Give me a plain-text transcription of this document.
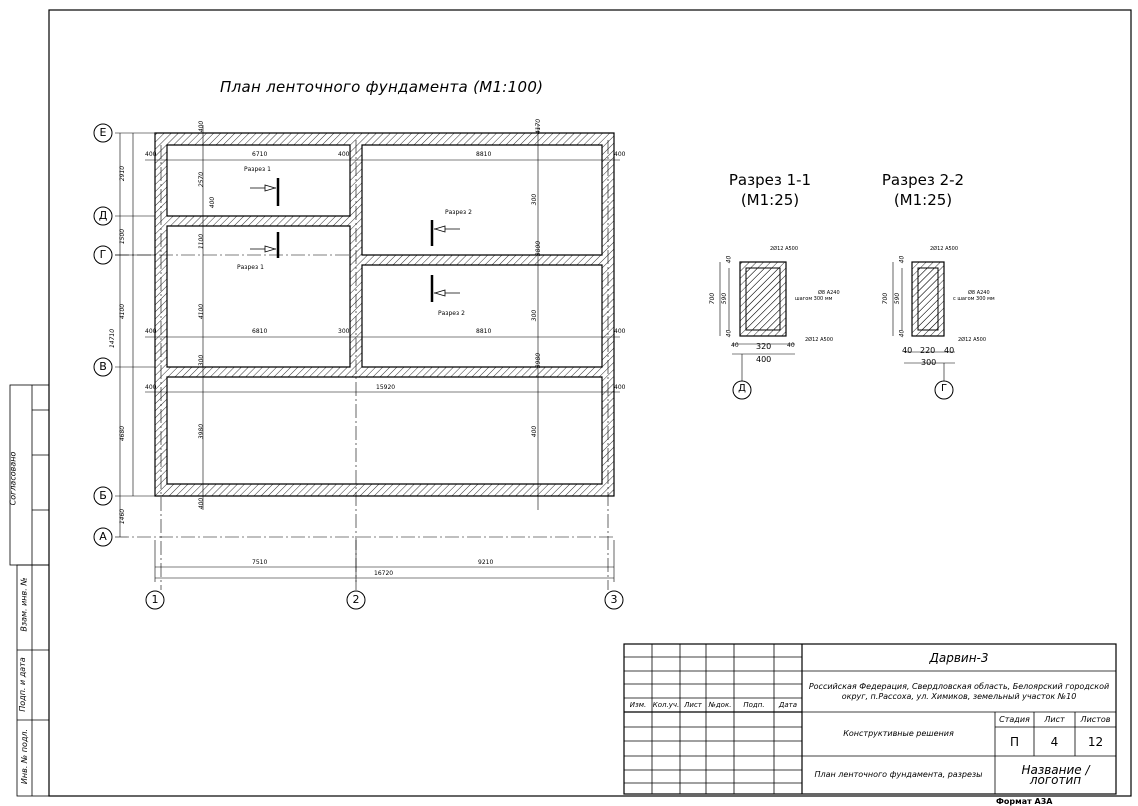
План ленточного фундамента (М1:100)
Е
Д
Г
В
Б
А
1	2	3
400	6710	400	8810	400
400	6810	300	8810	400
400	15920	400
2910
1500
4100
4680
1460
14710
7510	9210
16720
400
2570
400
1100
4100
300
3980
400
4170
300
3800
300
3980
400
Разрез 1
Разрез 1
Разрез 2
Разрез 2
Разрез 1-1
(М1:25)
Д
700 590
40
40
40	40
320
400
2Ø12 А500
Ø8 А240
шагом 300 мм
2Ø12 А500
Разрез 2-2
(М1:25)
Г
700 590
40
40
40 220 40
300
2Ø12 А500
Ø8 А240
с шагом 300 мм
2Ø12 А500
Дарвин-3
Российская Федерация, Свердловская область, Белоярский городской округ, п.Рассоха, ул. Химиков, земельный участок №10
Изм. Кол.уч. Лист №док.	Подп.	Дата
Конструктивные решения
План ленточного фундамента, разрезы
Стадия	Лист	Листов
П	4	12
Название / логотип
Формат А3А
Согласовано
Взам. инв. №
Подп. и дата
Инв. № подл.
